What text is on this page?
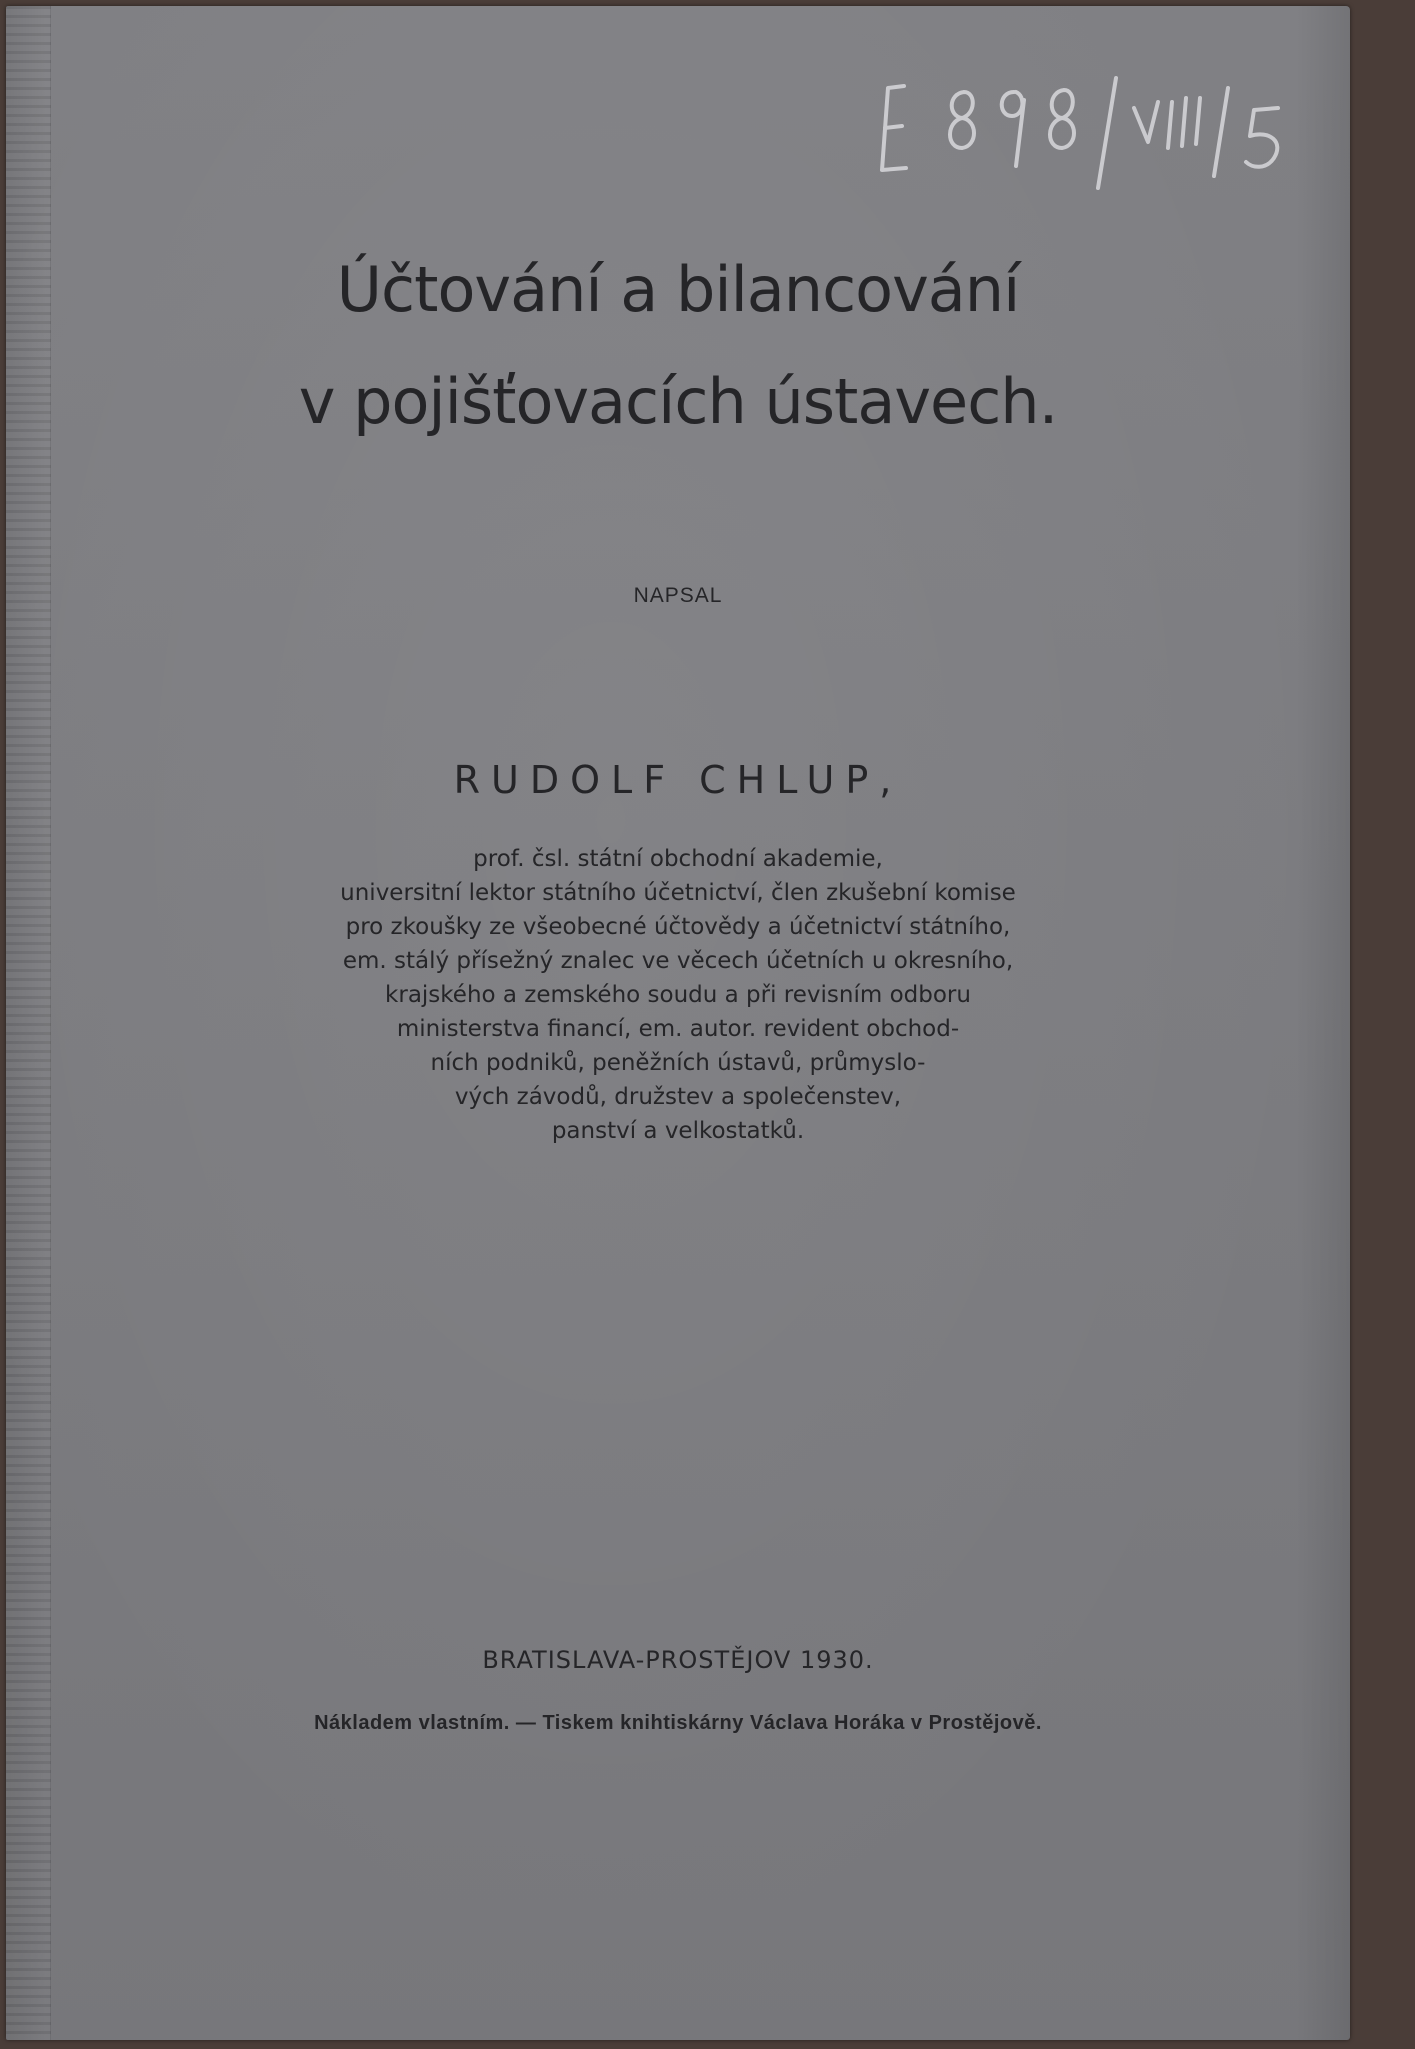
Účtování a bilancování
v pojišťovacích ústavech.
NAPSAL
RUDOLF CHLUP,
prof. čsl. státní obchodní akademie,
universitní lektor státního účetnictví, člen zkušební komise
pro zkoušky ze všeobecné účtovědy a účetnictví státního,
em. stálý přísežný znalec ve věcech účetních u okresního,
krajského a zemského soudu a při revisním odboru
ministerstva financí, em. autor. revident obchod-
ních podniků, peněžních ústavů, průmyslo-
vých závodů, družstev a společenstev,
panství a velkostatků.
BRATISLAVA-PROSTĚJOV 1930.
Nákladem vlastním. — Tiskem knihtiskárny Václava Horáka v Prostějově.
